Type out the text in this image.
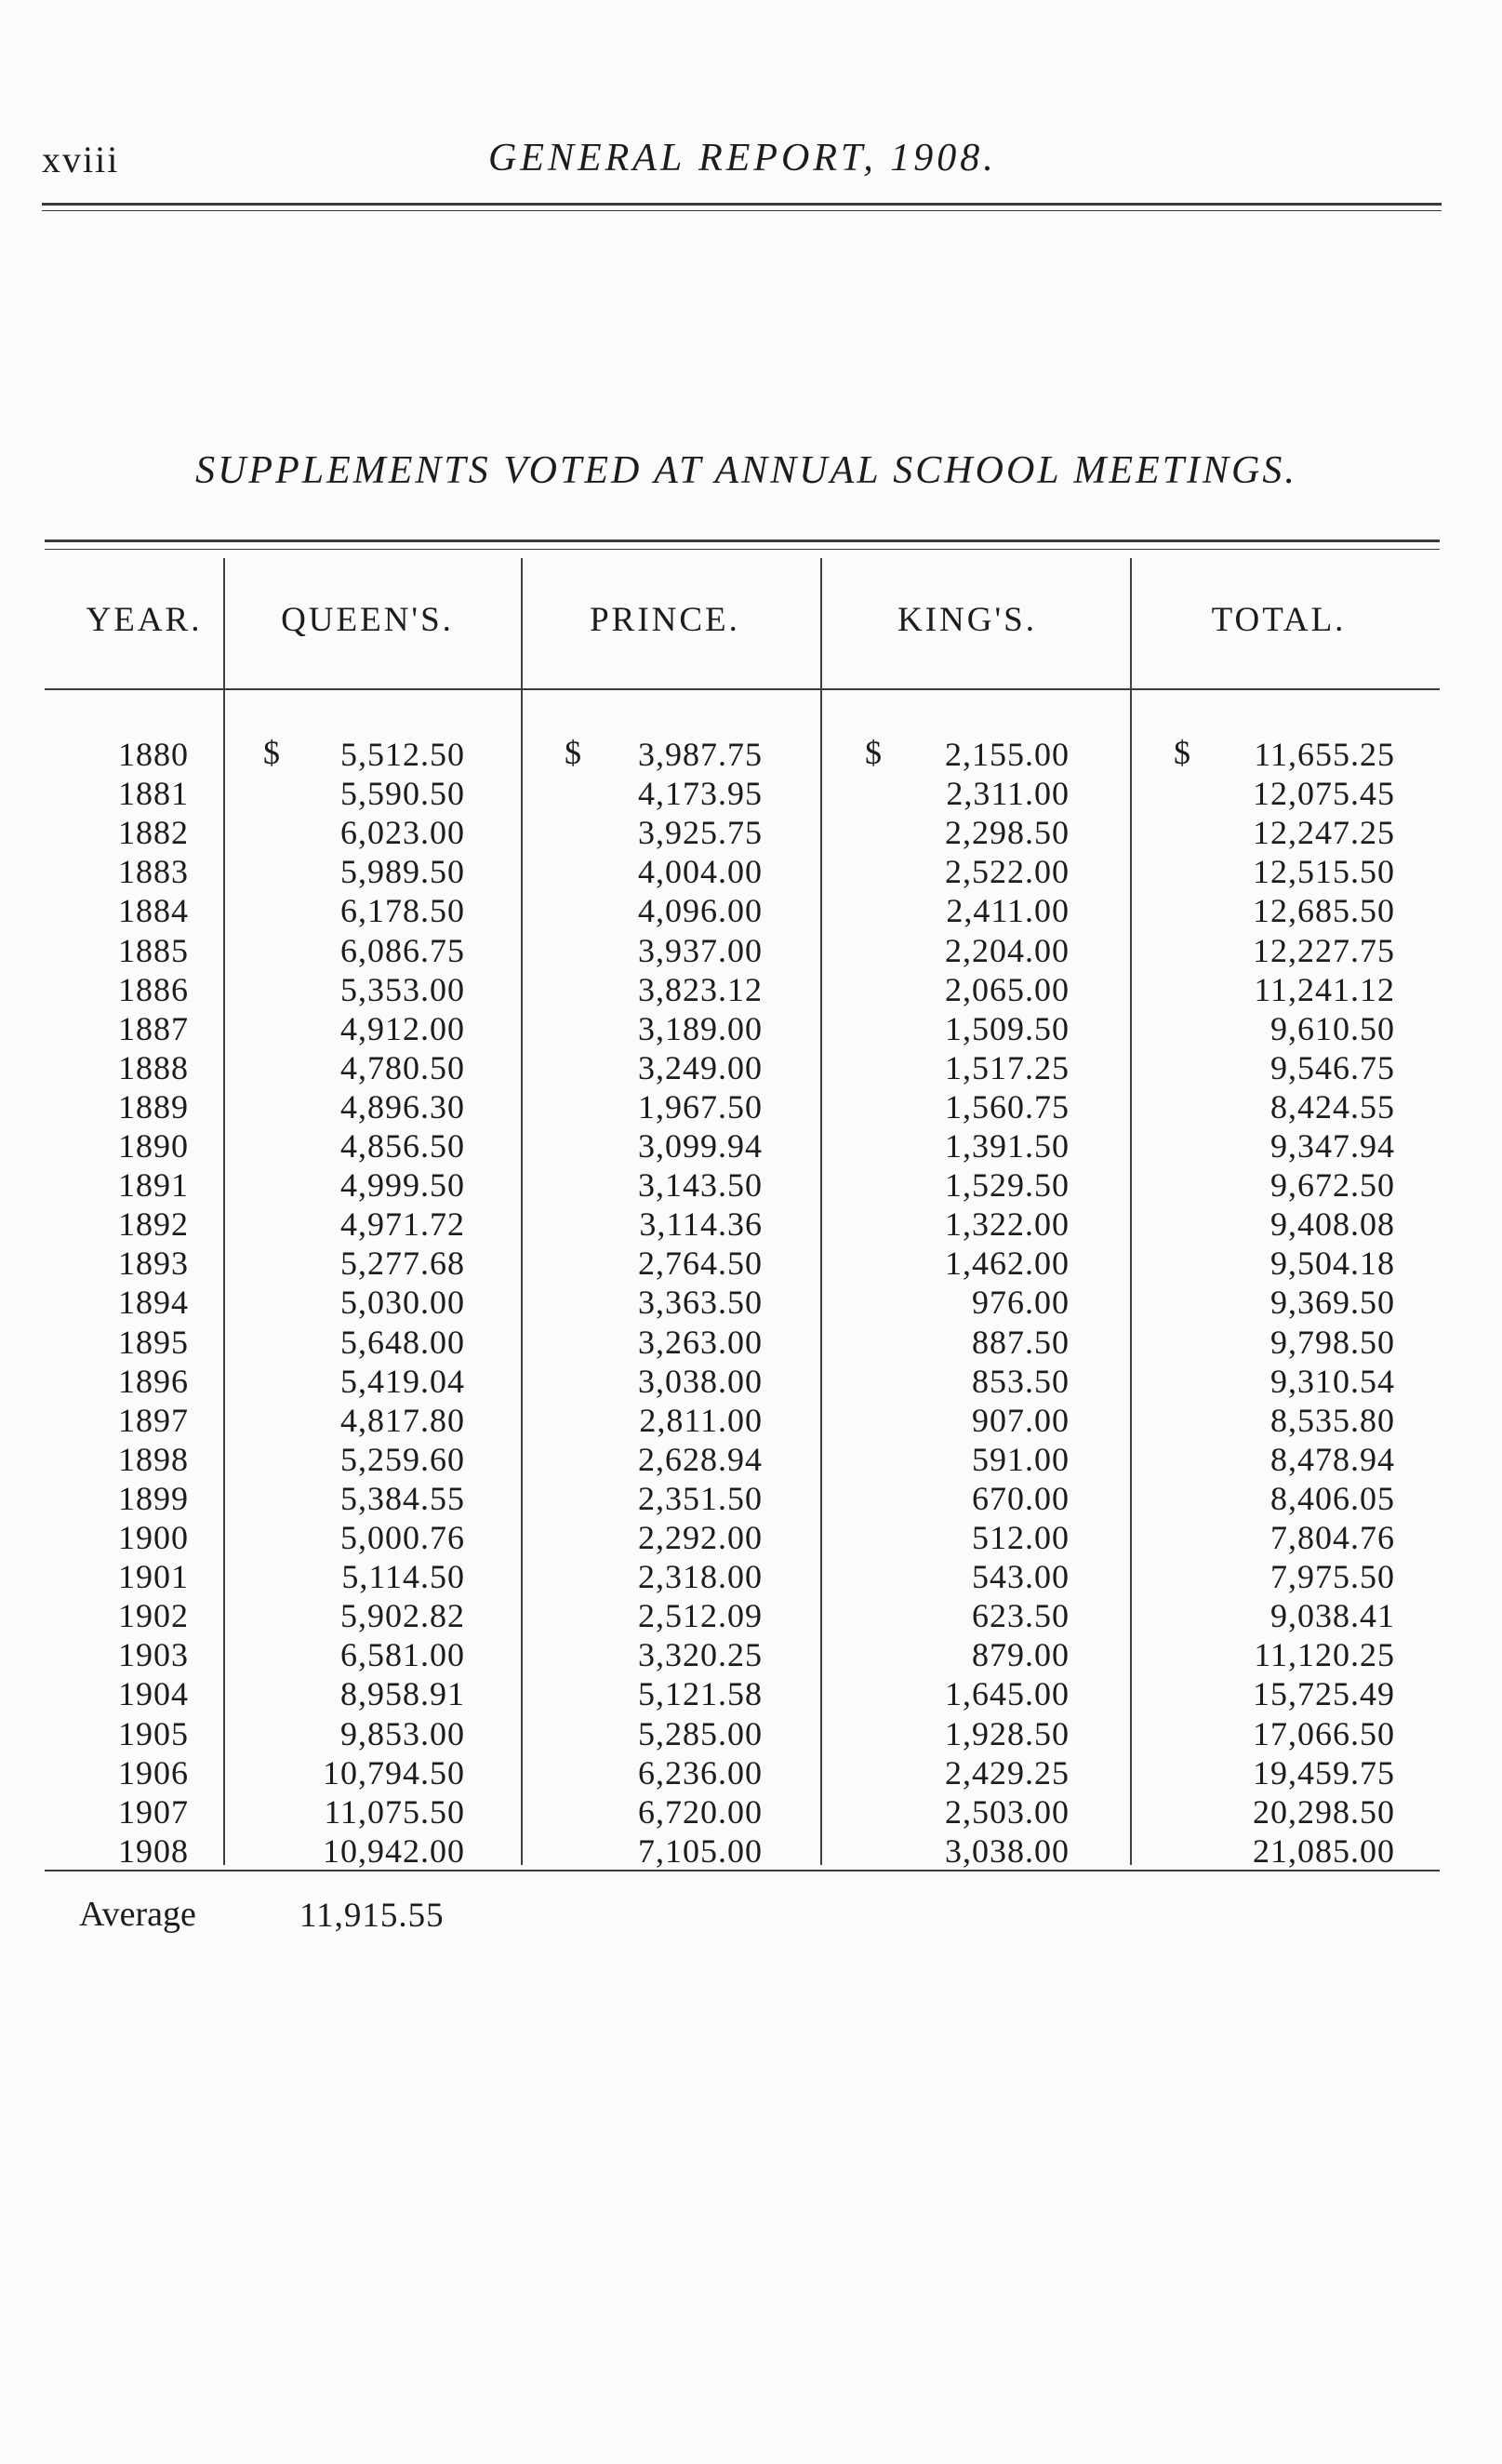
xviii	GENERAL REPORT, 1908.
SUPPLEMENTS VOTED AT ANNUAL SCHOOL MEETINGS.
YEAR.	QUEEN'S.	PRINCE.	KING'S.	TOTAL.
$	$	$	$
1880	5,512.50	3,987.75	2,155.00	11,655.25
1881	5,590.50	4,173.95	2,311.00	12,075.45
1882	6,023.00	3,925.75	2,298.50	12,247.25
1883	5,989.50	4,004.00	2,522.00	12,515.50
1884	6,178.50	4,096.00	2,411.00	12,685.50
1885	6,086.75	3,937.00	2,204.00	12,227.75
1886	5,353.00	3,823.12	2,065.00	11,241.12
1887	4,912.00	3,189.00	1,509.50	9,610.50
1888	4,780.50	3,249.00	1,517.25	9,546.75
1889	4,896.30	1,967.50	1,560.75	8,424.55
1890	4,856.50	3,099.94	1,391.50	9,347.94
1891	4,999.50	3,143.50	1,529.50	9,672.50
1892	4,971.72	3,114.36	1,322.00	9,408.08
1893	5,277.68	2,764.50	1,462.00	9,504.18
1894	5,030.00	3,363.50	976.00	9,369.50
1895	5,648.00	3,263.00	887.50	9,798.50
1896	5,419.04	3,038.00	853.50	9,310.54
1897	4,817.80	2,811.00	907.00	8,535.80
1898	5,259.60	2,628.94	591.00	8,478.94
1899	5,384.55	2,351.50	670.00	8,406.05
1900	5,000.76	2,292.00	512.00	7,804.76
1901	5,114.50	2,318.00	543.00	7,975.50
1902	5,902.82	2,512.09	623.50	9,038.41
1903	6,581.00	3,320.25	879.00	11,120.25
1904	8,958.91	5,121.58	1,645.00	15,725.49
1905	9,853.00	5,285.00	1,928.50	17,066.50
1906	10,794.50	6,236.00	2,429.25	19,459.75
1907	11,075.50	6,720.00	2,503.00	20,298.50
1908	10,942.00	7,105.00	3,038.00	21,085.00
Average	11,915.55
